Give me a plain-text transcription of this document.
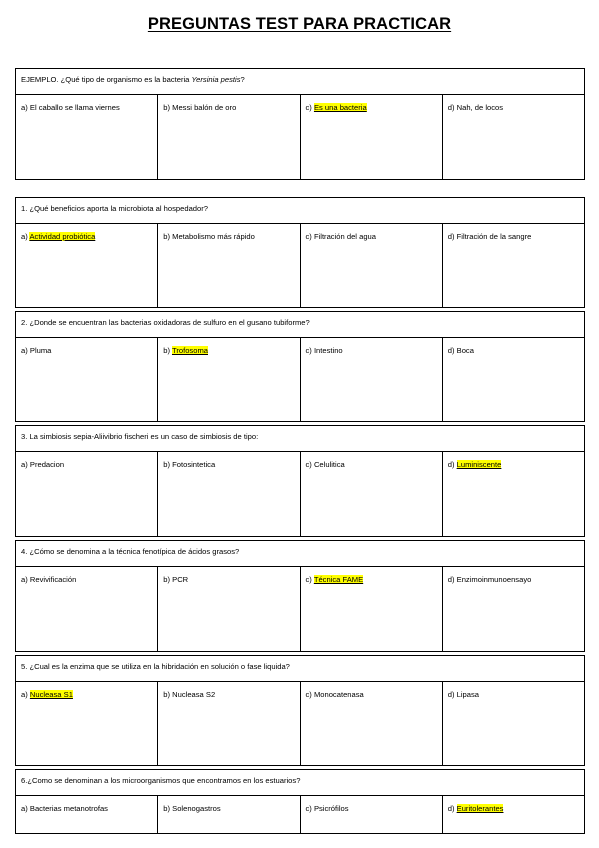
PREGUNTAS TEST PARA PRACTICAR
EJEMPLO. ¿Qué tipo de organismo es la bacteria Yersinia pestis?
a) El caballo se llama viernes	b) Messi balón de oro	c) Es una bacteria	d) Nah, de locos
1. ¿Qué beneficios aporta la microbiota al hospedador?
a) Actividad probiótica	b) Metabolismo más rápido	c) Filtración del agua	d) Filtración de la sangre
2. ¿Donde se encuentran las bacterias oxidadoras de sulfuro en el gusano tubiforme?
a) Pluma	b) Trofosoma	c) Intestino	d) Boca
3. La simbiosis sepia-Aliivibrio fischeri es un caso de simbiosis de tipo:
a) Predacion	b) Fotosintetica	c) Celulitica	d) Luminiscente
4. ¿Cómo se denomina a la técnica fenotípica de ácidos grasos?
a) Revivificación	b) PCR	c) Técnica FAME	d) Enzimoinmunoensayo
5. ¿Cual es la enzima que se utiliza en la hibridación en solución o fase liquida?
a) Nucleasa S1	b) Nucleasa S2	c) Monocatenasa	d) Lipasa
6.¿Como se denominan a los microorganismos que encontramos en los estuarios?
a) Bacterias metanotrofas	b) Solenogastros	c) Psicrófilos	d) Euritolerantes
